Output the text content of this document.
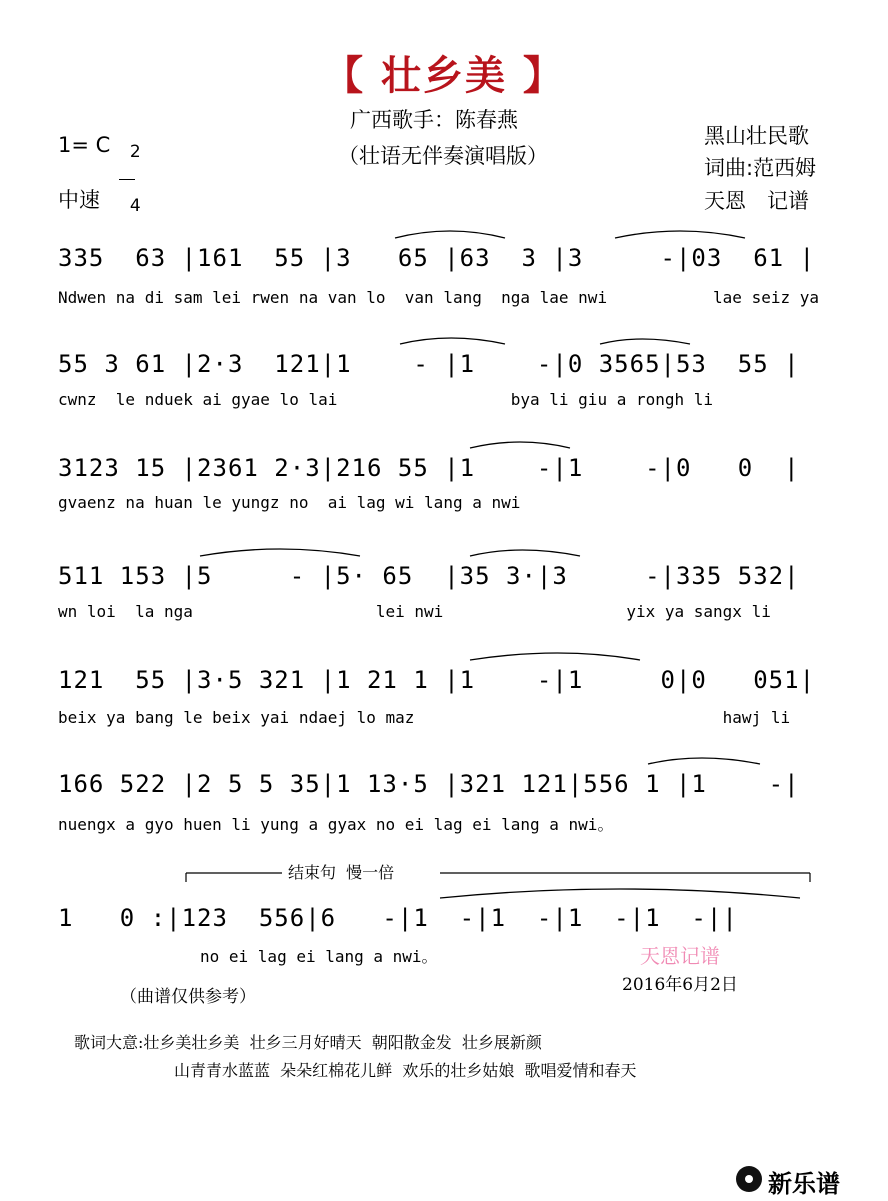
【 壮乡美 】
广西歌手：陈春燕
（壮语无伴奏演唱版）
1= C	2

4

中速
黑山壮民歌
词曲:范西姆
天恩　记谱
335  63 |161  55 |3   65 |63  3 |3     -|03  61 |
Ndwen na di sam lei rwen na van lo  van lang  nga lae nwi           lae seiz ya
55 3 61 |2·3  121|1    - |1    -|0 3565|53  55 |
cwnz  le nduek ai gyae lo lai                  bya li giu a rongh li
3123 15 |2361 2·3|216 55 |1    -|1    -|0   0  |
gvaenz na huan le yungz no  ai lag wi lang a nwi
511 153 |5     - |5· 65  |35 3·|3     -|335 532|
wn loi  la nga                   lei nwi                   yix ya sangx li
121  55 |3·5 321 |1 21 1 |1    -|1     0|0   051|
beix ya bang le beix yai ndaej lo maz                                hawj li
166 522 |2 5 5 35|1 13·5 |321 121|556 1 |1    -|
nuengx a gyo huen li yung a gyax no ei lag ei lang a nwi。
结束句  慢一倍
1   0 :|123  556|6   -|1  -|1  -|1  -|1  -||
no ei lag ei lang a nwi。	天恩记谱
2016年6月2日
（曲谱仅供参考）
歌词大意:壮乡美壮乡美  壮乡三月好晴天  朝阳散金发  壮乡展新颜
山青青水蓝蓝  朵朵红棉花儿鲜  欢乐的壮乡姑娘  歌唱爱情和春天
新乐谱
